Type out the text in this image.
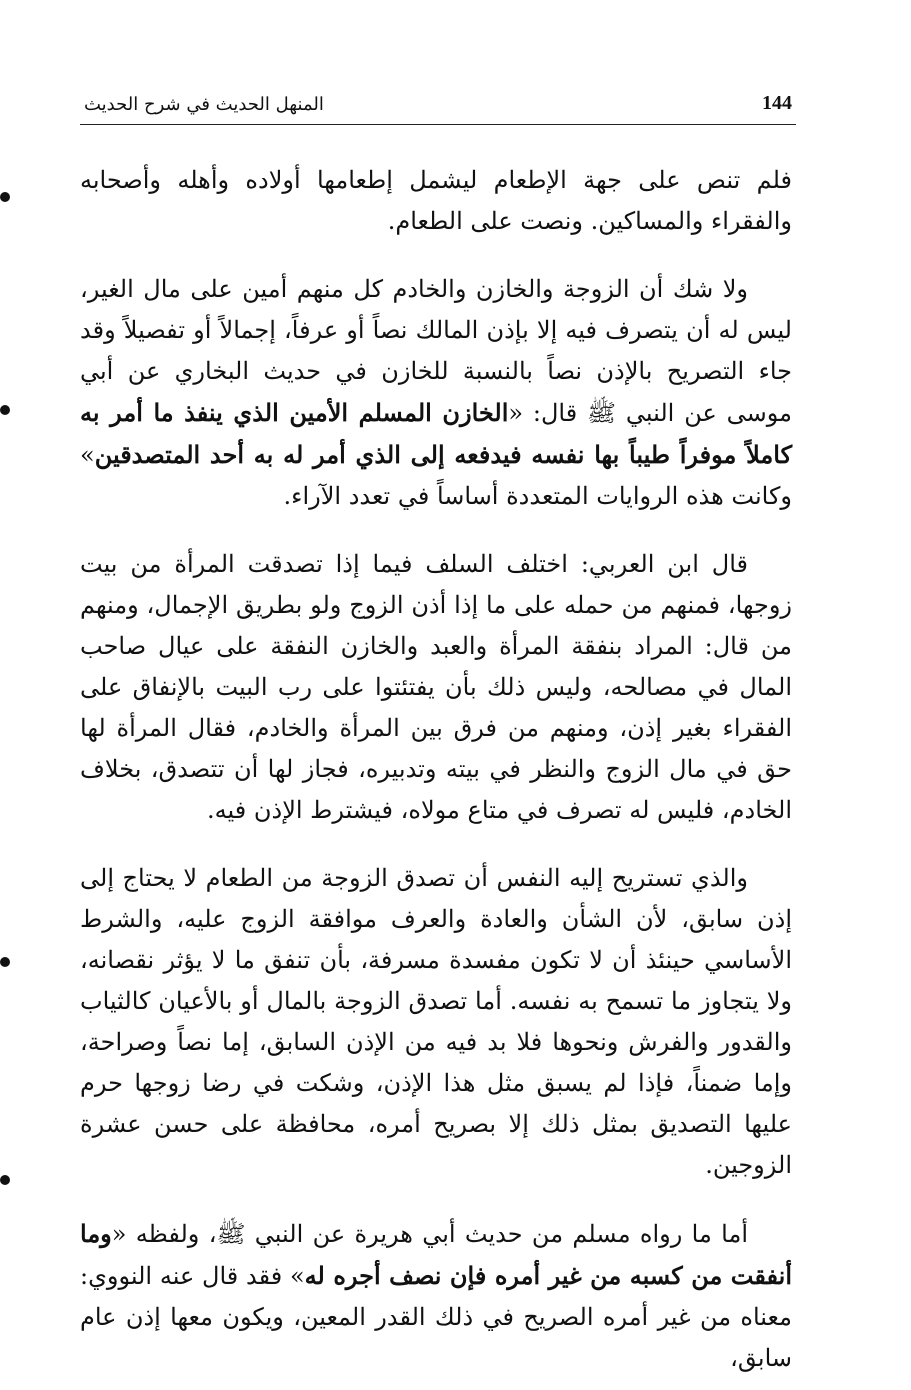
144
المنهل الحديث في شرح الحديث

فلم تنص على جهة الإطعام ليشمل إطعامها أولاده وأهله وأصحابه والفقراء والمساكين. ونصت على الطعام.

ولا شك أن الزوجة والخازن والخادم كل منهم أمين على مال الغير، ليس له أن يتصرف فيه إلا بإذن المالك نصاً أو عرفاً، إجمالاً أو تفصيلاً وقد جاء التصريح بالإذن نصاً بالنسبة للخازن في حديث البخاري عن أبي موسى عن النبي ﷺ قال: «الخازن المسلم الأمين الذي ينفذ ما أمر به كاملاً موفراً طيباً بها نفسه فيدفعه إلى الذي أمر له به أحد المتصدقين» وكانت هذه الروايات المتعددة أساساً في تعدد الآراء.

قال ابن العربي: اختلف السلف فيما إذا تصدقت المرأة من بيت زوجها، فمنهم من حمله على ما إذا أذن الزوج ولو بطريق الإجمال، ومنهم من قال: المراد بنفقة المرأة والعبد والخازن النفقة على عيال صاحب المال في مصالحه، وليس ذلك بأن يفتئتوا على رب البيت بالإنفاق على الفقراء بغير إذن، ومنهم من فرق بين المرأة والخادم، فقال المرأة لها حق في مال الزوج والنظر في بيته وتدبيره، فجاز لها أن تتصدق، بخلاف الخادم، فليس له تصرف في متاع مولاه، فيشترط الإذن فيه.

والذي تستريح إليه النفس أن تصدق الزوجة من الطعام لا يحتاج إلى إذن سابق، لأن الشأن والعادة والعرف موافقة الزوج عليه، والشرط الأساسي حينئذ أن لا تكون مفسدة مسرفة، بأن تنفق ما لا يؤثر نقصانه، ولا يتجاوز ما تسمح به نفسه. أما تصدق الزوجة بالمال أو بالأعيان كالثياب والقدور والفرش ونحوها فلا بد فيه من الإذن السابق، إما نصاً وصراحة، وإما ضمناً، فإذا لم يسبق مثل هذا الإذن، وشكت في رضا زوجها حرم عليها التصديق بمثل ذلك إلا بصريح أمره، محافظة على حسن عشرة الزوجين.

أما ما رواه مسلم من حديث أبي هريرة عن النبي ﷺ، ولفظه «وما أنفقت من كسبه من غير أمره فإن نصف أجره له» فقد قال عنه النووي: معناه من غير أمره الصريح في ذلك القدر المعين، ويكون معها إذن عام سابق،
